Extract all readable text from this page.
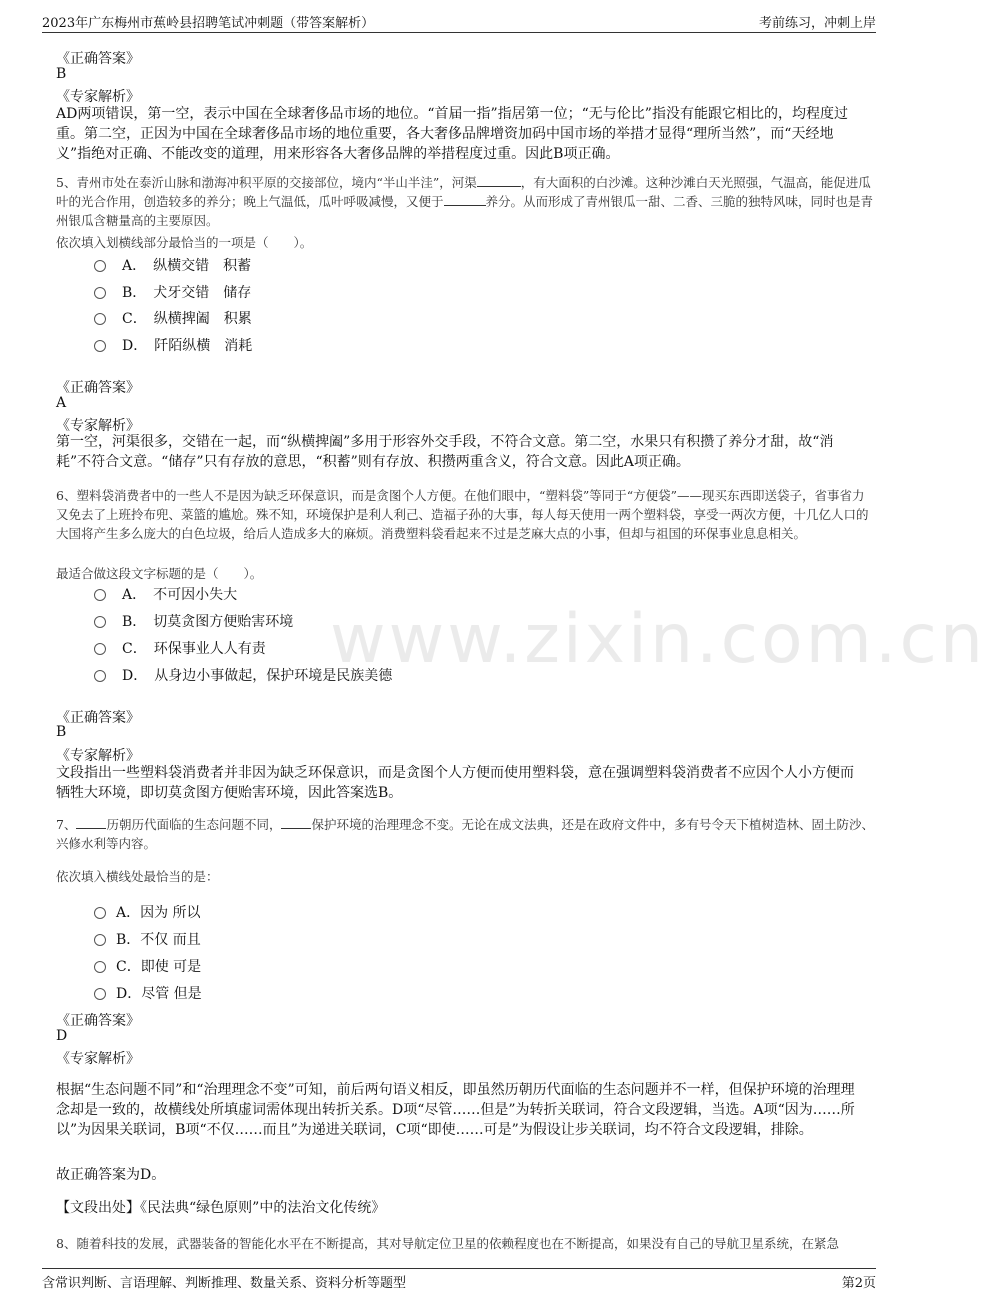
2023年广东梅州市蕉岭县招聘笔试冲刺题（带答案解析）	考前练习，冲刺上岸
www.zixin.com.cn
《正确答案》
B
《专家解析》
AD两项错误，第一空，表示中国在全球奢侈品市场的地位。“首届一指”指居第一位；“无与伦比”指没有能跟它相比的，均程度过重。第二空，正因为中国在全球奢侈品市场的地位重要，各大奢侈品牌增资加码中国市场的举措才显得“理所当然”，而“天经地义”指绝对正确、不能改变的道理，用来形容各大奢侈品牌的举措程度过重。因此B项正确。
5、青州市处在泰沂山脉和渤海冲积平原的交接部位，境内“半山半洼”，河渠	，有大面积的白沙滩。这种沙滩白天光照强，气温高，能促进瓜叶的光合作用，创造较多的养分；晚上气温低，瓜叶呼吸减慢，又便于	养分。从而形成了青州银瓜一甜、二香、三脆的独特风味，同时也是青州银瓜含糖量高的主要原因。
依次填入划横线部分最恰当的一项是（　　）。
A．　纵横交错　积蓄
B．　犬牙交错　储存
C．　纵横捭阖　积累
D．　阡陌纵横　消耗
《正确答案》
A
《专家解析》
第一空，河渠很多，交错在一起，而“纵横捭阖”多用于形容外交手段，不符合文意。第二空，水果只有积攒了养分才甜，故“消耗”不符合文意。“储存”只有存放的意思，“积蓄”则有存放、积攒两重含义，符合文意。因此A项正确。
6、塑料袋消费者中的一些人不是因为缺乏环保意识，而是贪图个人方便。在他们眼中，“塑料袋”等同于“方便袋”——现买东西即送袋子，省事省力又免去了上班拎布兜、菜篮的尴尬。殊不知，环境保护是利人利己、造福子孙的大事，每人每天使用一两个塑料袋，享受一两次方便，十几亿人口的大国将产生多么庞大的白色垃圾，给后人造成多大的麻烦。消费塑料袋看起来不过是芝麻大点的小事，但却与祖国的环保事业息息相关。
最适合做这段文字标题的是（　　）。
A．　不可因小失大
B．　切莫贪图方便贻害环境
C．　环保事业人人有责
D．　从身边小事做起，保护环境是民族美德
《正确答案》
B
《专家解析》
文段指出一些塑料袋消费者并非因为缺乏环保意识，而是贪图个人方便而使用塑料袋，意在强调塑料袋消费者不应因个人小方便而牺牲大环境，即切莫贪图方便贻害环境，因此答案选B。
7、 历朝历代面临的生态问题不同， 保护环境的治理理念不变。无论在成文法典，还是在政府文件中，多有号令天下植树造林、固土防沙、兴修水利等内容。
依次填入横线处最恰当的是：
A．因为 所以
B．不仅 而且
C．即使 可是
D．尽管 但是
《正确答案》
D
《专家解析》
根据“生态问题不同”和“治理理念不变”可知，前后两句语义相反，即虽然历朝历代面临的生态问题并不一样，但保护环境的治理理念却是一致的，故横线处所填虚词需体现出转折关系。D项“尽管……但是”为转折关联词，符合文段逻辑，当选。A项“因为……所以”为因果关联词，B项“不仅……而且”为递进关联词，C项“即使……可是”为假设让步关联词，均不符合文段逻辑，排除。
故正确答案为D。
【文段出处】《民法典“绿色原则”中的法治文化传统》
8、随着科技的发展，武器装备的智能化水平在不断提高，其对导航定位卫星的依赖程度也在不断提高，如果没有自己的导航卫星系统，在紧急
含常识判断、言语理解、判断推理、数量关系、资料分析等题型	第2页
